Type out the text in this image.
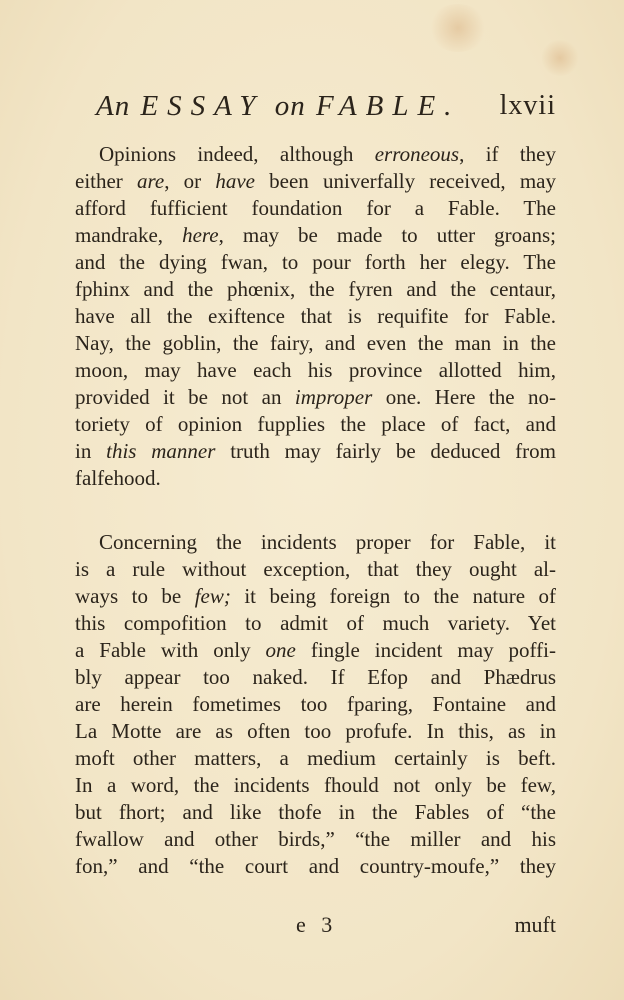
An ESSAY on FABLE. lxvii
Opinions indeed, although erroneous, if they
either are, or have been univerfally received, may
afford fufficient foundation for a Fable. The
mandrake, here, may be made to utter groans;
and the dying fwan, to pour forth her elegy. The
fphinx and the phœnix, the fyren and the centaur,
have all the exiftence that is requifite for Fable.
Nay, the goblin, the fairy, and even the man in the
moon, may have each his province allotted him,
provided it be not an improper one. Here the no-
toriety of opinion fupplies the place of fact, and
in this manner truth may fairly be deduced from
falfehood.
Concerning the incidents proper for Fable, it
is a rule without exception, that they ought al-
ways to be few; it being foreign to the nature of
this compofition to admit of much variety. Yet
a Fable with only one fingle incident may poffi-
bly appear too naked. If Efop and Phædrus
are herein fometimes too fparing, Fontaine and
La Motte are as often too profufe. In this, as in
moft other matters, a medium certainly is beft.
In a word, the incidents fhould not only be few,
but fhort; and like thofe in the Fables of “the
fwallow and other birds,” “the miller and his
fon,” and “the court and country-moufe,” they
e 3	muft
